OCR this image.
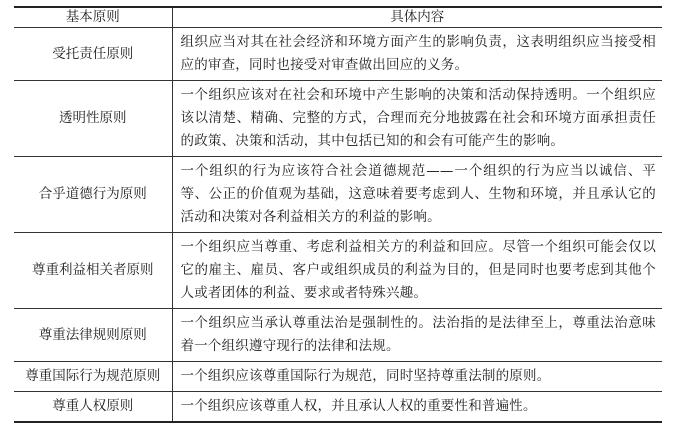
基本原则	具体内容
受托责任原则	组织应当对其在社会经济和环境方面产生的影响负责，这表明组织应当接受相应的审查，同时也接受对审查做出回应的义务。
透明性原则	一个组织应该对在社会和环境中产生影响的决策和活动保持透明。一个组织应该以清楚、精确、完整的方式，合理而充分地披露在社会和环境方面承担责任的政策、决策和活动，其中包括已知的和会有可能产生的影响。
合乎道德行为原则	一个组织的行为应该符合社会道德规范——一个组织的行为应当以诚信、平等、公正的价值观为基础，这意味着要考虑到人、生物和环境，并且承认它的活动和决策对各利益相关方的利益的影响。
尊重利益相关者原则	一个组织应当尊重、考虑利益相关方的利益和回应。尽管一个组织可能会仅以它的雇主、雇员、客户或组织成员的利益为目的，但是同时也要考虑到其他个人或者团体的利益、要求或者特殊兴趣。
尊重法律规则原则	一个组织应当承认尊重法治是强制性的。法治指的是法律至上，尊重法治意味着一个组织遵守现行的法律和法规。
尊重国际行为规范原则	一个组织应该尊重国际行为规范，同时坚持尊重法制的原则。
尊重人权原则	一个组织应该尊重人权，并且承认人权的重要性和普遍性。
